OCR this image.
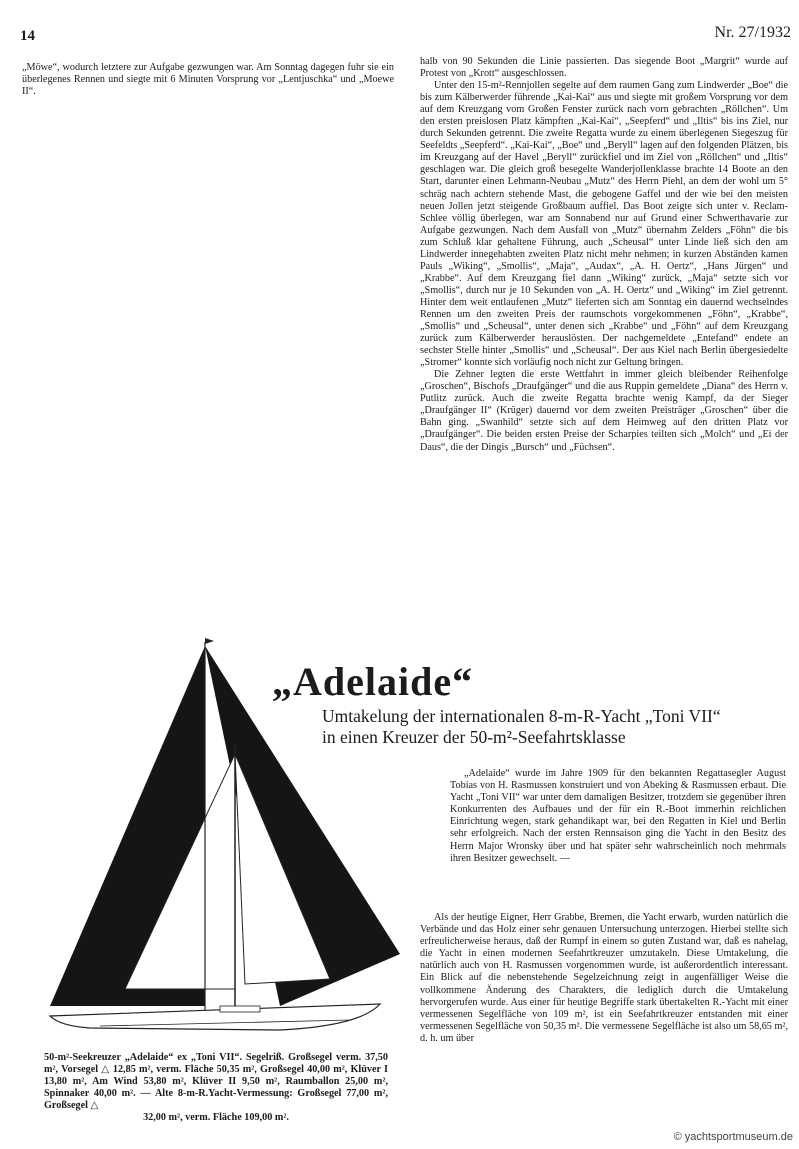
14	Nr. 27/1932

„Möwe“, wodurch letztere zur Aufgabe gezwungen war. Am Sonntag dagegen fuhr sie ein überlegenes Rennen und siegte mit 6 Minuten Vorsprung vor „Lentjuschka“ und „Moewe II“.

halb von 90 Sekunden die Linie passierten. Das siegende Boot „Margrit“ wurde auf Protest von „Krott“ ausgeschlossen.

Unter den 15-m²-Rennjollen segelte auf dem raumen Gang zum Lindwerder „Boe“ die bis zum Kälberwerder führende „Kai-Kai“ aus und siegte mit großem Vorsprung vor dem auf dem Kreuzgang vom Großen Fenster zurück nach vorn gebrachten „Röllchen“. Um den ersten preislosen Platz kämpften „Kai-Kai“, „Seepferd“ und „Iltis“ bis ins Ziel, nur durch Sekunden getrennt. Die zweite Regatta wurde zu einem überlegenen Siegeszug für Seefeldts „Seepferd“. „Kai-Kai“, „Boe“ und „Beryll“ lagen auf den folgenden Plätzen, bis im Kreuzgang auf der Havel „Beryll“ zurückfiel und im Ziel von „Röllchen“ und „Iltis“ geschlagen war. Die gleich groß besegelte Wanderjollenklasse brachte 14 Boote an den Start, darunter einen Lehmann-Neubau „Mutz“ des Herrn Piehl, an dem der wohl um 5° schräg nach achtern stehende Mast, die gebogene Gaffel und der wie bei den meisten neuen Jollen jetzt steigende Großbaum auffiel. Das Boot zeigte sich unter v. Reclam-Schlee völlig überlegen, war am Sonnabend nur auf Grund einer Schwerthavarie zur Aufgabe gezwungen. Nach dem Ausfall von „Mutz“ übernahm Zelders „Föhn“ die bis zum Schluß klar gehaltene Führung, auch „Scheusal“ unter Linde ließ sich den am Lindwerder innegehabten zweiten Platz nicht mehr nehmen; in kurzen Abständen kamen Pauls „Wiking“, „Smollis“, „Maja“, „Audax“, „A. H. Oertz“, „Hans Jürgen“ und „Krabbe“. Auf dem Kreuzgang fiel dann „Wiking“ zurück, „Maja“ setzte sich vor „Smollis“, durch nur je 10 Sekunden von „A. H. Oertz“ und „Wiking“ im Ziel getrennt. Hinter dem weit entlaufenen „Mutz“ lieferten sich am Sonntag ein dauernd wechselndes Rennen um den zweiten Preis der raumschots vorgekommenen „Föhn“, „Krabbe“, „Smollis“ und „Scheusal“, unter denen sich „Krabbe“ und „Föhn“ auf dem Kreuzgang zurück zum Kälberwerder herauslösten. Der nachgemeldete „Entefand“ endete an sechster Stelle hinter „Smollis“ und „Scheusal“. Der aus Kiel nach Berlin übergesiedelte „Stromer“ konnte sich vorläufig noch nicht zur Geltung bringen.

Die Zehner legten die erste Wettfahrt in immer gleich bleibender Reihenfolge „Groschen“, Bischofs „Draufgänger“ und die aus Ruppin gemeldete „Diana“ des Herrn v. Putlitz zurück. Auch die zweite Regatta brachte wenig Kampf, da der Sieger „Draufgänger II“ (Krüger) dauernd vor dem zweiten Preisträger „Groschen“ über die Bahn ging. „Swanhild“ setzte sich auf dem Heimweg auf den dritten Platz vor „Draufgänger“. Die beiden ersten Preise der Scharpies teilten sich „Molch“ und „Ei der Daus“, die der Dingis „Bursch“ und „Füchsen“.

„Adelaide“
Umtakelung der internationalen 8-m-R-Yacht „Toni VII“
in einen Kreuzer der 50-m²-Seefahrtsklasse

„Adelaide“ wurde im Jahre 1909 für den bekannten Regattasegler August Tobias von H. Rasmussen konstruiert und von Abeking & Rasmussen erbaut. Die Yacht „Toni VII“ war unter dem damaligen Besitzer, trotzdem sie gegenüber ihren Konkurrenten des Aufbaues und der für ein R.-Boot immerhin reichlichen Einrichtung wegen, stark gehandikapt war, bei den Regatten in Kiel und Berlin sehr erfolgreich. Nach der ersten Rennsaison ging die Yacht in den Besitz des Herrn Major Wronsky über und hat später sehr wahrscheinlich noch mehrmals ihren Besitzer gewechselt. —

Als der heutige Eigner, Herr Grabbe, Bremen, die Yacht erwarb, wurden natürlich die Verbände und das Holz einer sehr genauen Untersuchung unterzogen. Hierbei stellte sich erfreulicherweise heraus, daß der Rumpf in einem so guten Zustand war, daß es nahelag, die Yacht in einen modernen Seefahrtkreuzer umzutakeln. Diese Umtakelung, die natürlich auch von H. Rasmussen vorgenommen wurde, ist außerordentlich interessant. Ein Blick auf die nebenstehende Segelzeichnung zeigt in augenfälliger Weise die vollkommene Änderung des Charakters, die lediglich durch die Umtakelung hervorgerufen wurde. Aus einer für heutige Begriffe stark übertakelten R.-Yacht mit einer vermessenen Segelfläche von 109 m², ist ein Seefahrtkreuzer entstanden mit einer vermessenen Segelfläche von 50,35 m². Die vermessene Segelfläche ist also um 58,65 m², d. h. um über

50-m²-Seekreuzer „Adelaide“ ex „Toni VII“. Segelriß. Großsegel verm. 37,50 m², Vorsegel △ 12,85 m², verm. Fläche 50,35 m², Großsegel 40,00 m², Klüver I 13,80 m², Am Wind 53,80 m², Klüver II 9,50 m², Raumballon 25,00 m², Spinnaker 40,00 m². — Alte 8-m-R.Yacht-Vermessung: Großsegel 77,00 m², Großsegel △
32,00 m², verm. Fläche 109,00 m².
© yachtsportmuseum.de
